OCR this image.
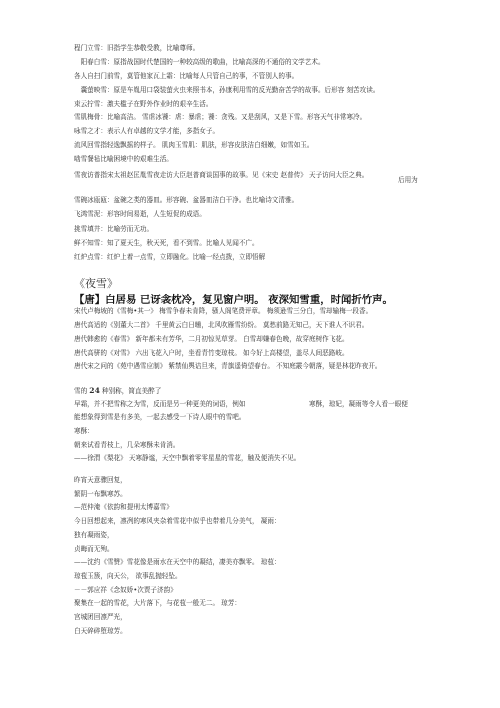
程门立雪：旧指学生恭敬受教，比喻尊师。
　阳春白雪：原指战国时代楚国的一种较高级的歌曲，比喻高深的不通俗的文学艺术。
各人自扫门前雪，莫管他家瓦上霜：比喻每人只管自己的事，不管别人的事。
　囊萤映雪：原是车胤用口袋装萤火虫来照书本，孙康利用雪的反光勤奋苦学的故事。后形容 刻苦攻读。
束云拧雪：激夫槛子在野外作业时的艰辛生活。
雪肌梅骨：比喻高洁。 雪虐冰饕：虐：暴虐；饕：贪残。又是刮风，又是下雪。形容天气非常寒冷。
咏雪之才：表示人有卓越的文学才能，多指女子。
流风回雪指轻逸飘摇的样子。 肌肉玉雪肌：肌肤，形容皮肤洁白细嫩，如雪如玉。
啮雪餐毡比喻困境中的艰难生活。
雪夜访普指宋太祖赵匡胤雪夜走访大臣赵普商谈国事的故事。见《宋史 赵普传》 天子访问大臣之典。
后用为
雪碗冰瓯瓯：盆碗之类的器皿。形容碗、盆器皿洁白干净。也比喻诗文清雅。
飞鸿雪泥：形容时间易逝，人生短促的成语。
挑雪填井：比喻劳而无功。
鲜不知雪：知了夏天生，秋天死，看不到雪。比喻人见闻不广。
红炉点雪：红炉上着一点雪，立即融化。比喻一经点拨，立即悟解
《夜雪》
【唐】白居易 已讶衾枕冷，复见窗户明。 夜深知雪重，时闻折竹声。
宋代卢梅坡的《雪梅•其一》 梅雪争春未肯降，骚人阁笔费评章。 梅须逊雪三分白，雪却输梅一段香。
唐代高适的《别董大二首》 千里黄云白日曛，北风吹雁雪纷纷。 莫愁前路无知己，天下谁人不识君。
唐代韩愈的《春雪》 新年都未有芳华，二月初惊见草芽。 白雪却嫌春色晚，故穿庭树作飞花。
唐代高骈的《对雪》 六出飞花入户时，坐看青竹变琼枝。 如今好上高楼望，盖尽人间恶路岐。
唐代宋之问的《苑中遇雪应制》 紫禁仙舆诘旦来，青旗遥倚望春台。 不知庭霰今朝落，疑是林花昨夜开。
雪的 24 种别称，简直美醉了
早霜，并不把雪称之为雪，反而是另一种更美的词语，例如	寒酥，琼妃，凝雨等令人看一眼便
能想象得到雪是有多美，一起去感受一下诗人眼中的雪吧。
寒酥：
朝来试看青枝上，几朵寒酥未肯消。
——徐渭《梨花》 天寒静谧，天空中飘着零零星星的雪花，触及便消失不见。
昨宵天意骤回复，
繁阴一布飘寒苏。
—范仲淹《依韵和提刑太博嘉雪》
今日回想起来，凛冽的寒风夹杂着雪花中似乎也带着几分美气， 凝雨：
独有凝雨姿，
贞晦而无殉。
——沈约《雪赞》雪花像是雨水在天空中的凝结，凄美亦飘零。 琼苞：
琼苞玉簇，向天公， 欲事乱抛轻坠。
－－郭应祥《念奴娇•次贾子济韵》
聚集在一起的雪花，大片落下，与花苞一般无二。 琼芳：
宫城团回凛严光，
白天碎碎堕琼芳。
